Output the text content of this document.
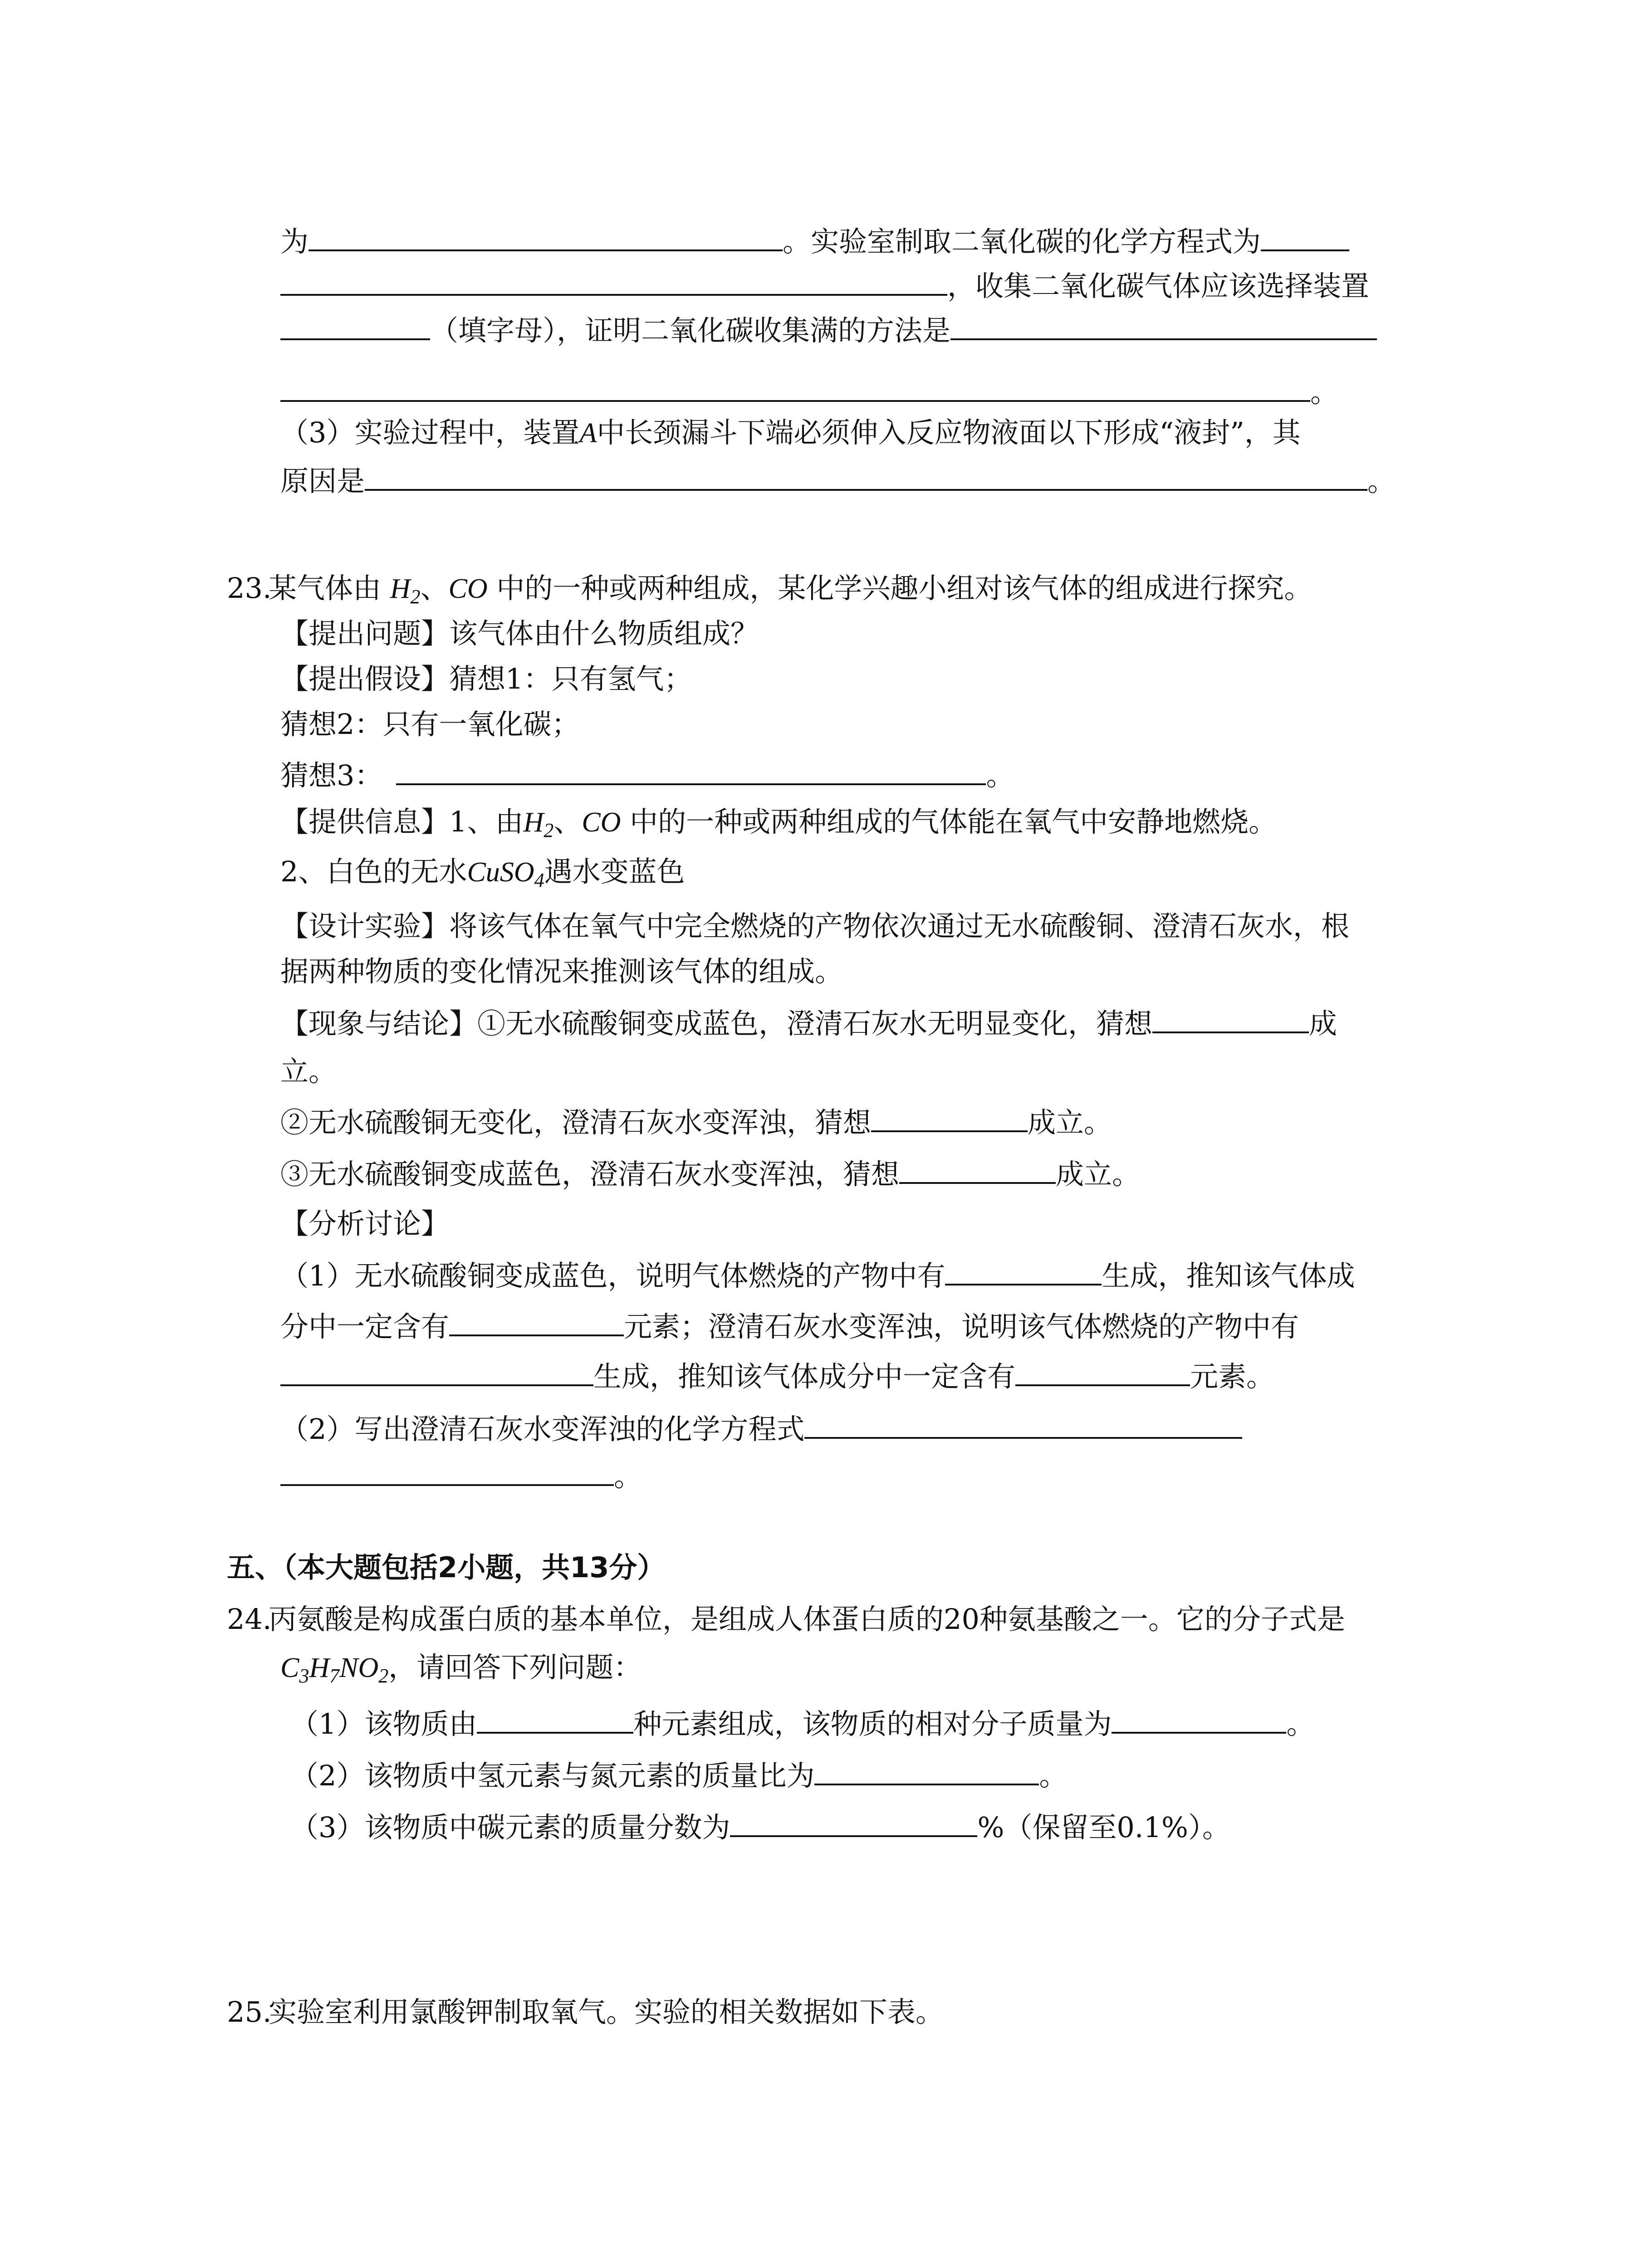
为	。实验室制取二氧化碳的化学方程式为
，收集二氧化碳气体应该选择装置
（填字母），证明二氧化碳收集满的方法是
。
（3）实验过程中，装置A中长颈漏斗下端必须伸入反应物液面以下形成“液封”，其
原因是	。
23.某气体由 $H_2$、CO 中的一种或两种组成，某化学兴趣小组对该气体的组成进行探究。
【提出问题】该气体由什么物质组成？
【提出假设】猜想1：只有氢气；
猜想2：只有一氧化碳；
猜想3：	。
【提供信息】1、由$H_2$、CO 中的一种或两种组成的气体能在氧气中安静地燃烧。
2、白色的无水CuSO$_4$遇水变蓝色
【设计实验】将该气体在氧气中完全燃烧的产物依次通过无水硫酸铜、澄清石灰水，根
据两种物质的变化情况来推测该气体的组成。
【现象与结论】①无水硫酸铜变成蓝色，澄清石灰水无明显变化，猜想	成
立。
②无水硫酸铜无变化，澄清石灰水变浑浊，猜想	成立。
③无水硫酸铜变成蓝色，澄清石灰水变浑浊，猜想	成立。
【分析讨论】
（1）无水硫酸铜变成蓝色，说明气体燃烧的产物中有	生成，推知该气体成
分中一定含有	元素；澄清石灰水变浑浊，说明该气体燃烧的产物中有
生成，推知该气体成分中一定含有	元素。
（2）写出澄清石灰水变浑浊的化学方程式
。
五、（本大题包括2小题，共13分）
24.丙氨酸是构成蛋白质的基本单位，是组成人体蛋白质的20种氨基酸之一。它的分子式是
$C_3H_7NO_2$，请回答下列问题：
（1）该物质由	种元素组成，该物质的相对分子质量为	。
（2）该物质中氢元素与氮元素的质量比为	。
（3）该物质中碳元素的质量分数为	%（保留至0.1%）。
25.实验室利用氯酸钾制取氧气。实验的相关数据如下表。
